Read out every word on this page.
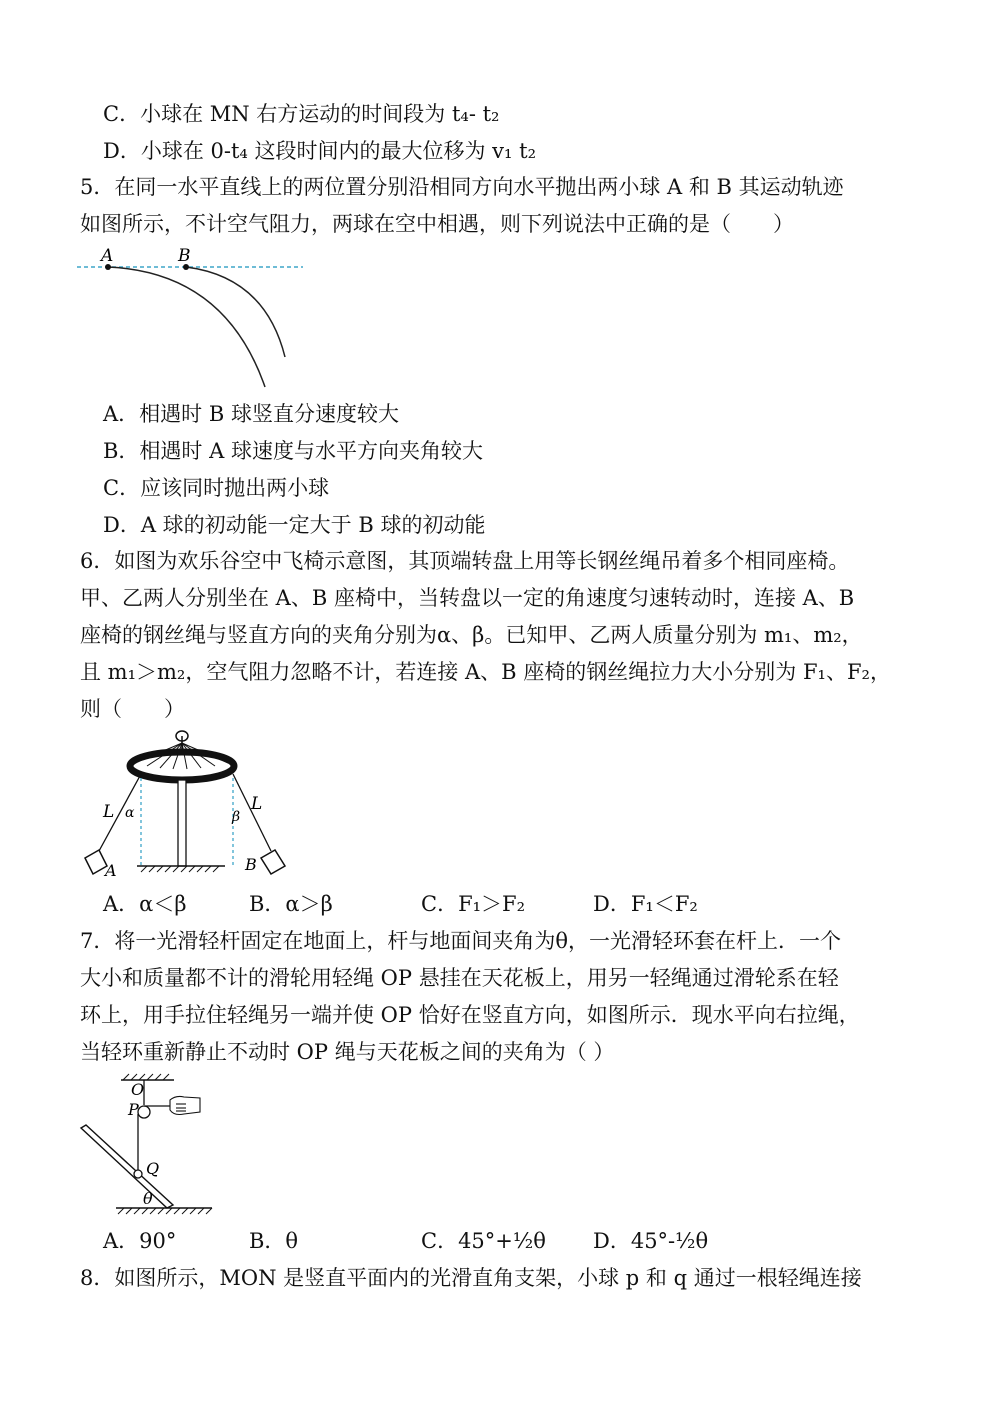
C．小球在 MN 右方运动的时间段为 t₄- t₂
D．小球在 0-t₄ 这段时间内的最大位移为 v₁ t₂
5．在同一水平直线上的两位置分别沿相同方向水平抛出两小球 A 和 B 其运动轨迹
如图所示，不计空气阻力，两球在空中相遇，则下列说法中正确的是（　　）
A	B
A．相遇时 B 球竖直分速度较大
B．相遇时 A 球速度与水平方向夹角较大
C．应该同时抛出两小球
D．A 球的初动能一定大于 B 球的初动能
6．如图为欢乐谷空中飞椅示意图，其顶端转盘上用等长钢丝绳吊着多个相同座椅。
甲、乙两人分别坐在 A、B 座椅中，当转盘以一定的角速度匀速转动时，连接 A、B
座椅的钢丝绳与竖直方向的夹角分别为α、β。已知甲、乙两人质量分别为 m₁、m₂，
且 m₁＞m₂，空气阻力忽略不计，若连接 A、B 座椅的钢丝绳拉力大小分别为 F₁、F₂，
则（　　）
L α
A
L
β
B
A．α＜β	B．α＞β	C．F₁＞F₂	D．F₁＜F₂
7．将一光滑轻杆固定在地面上，杆与地面间夹角为θ，一光滑轻环套在杆上．一个
大小和质量都不计的滑轮用轻绳 OP 悬挂在天花板上，用另一轻绳通过滑轮系在轻
环上，用手拉住轻绳另一端并使 OP 恰好在竖直方向，如图所示．现水平向右拉绳，
当轻环重新静止不动时 OP 绳与天花板之间的夹角为（ ）
O
P
Q
θ
A．90°	B．θ	C．45°+½θ D．45°-½θ
8．如图所示，MON 是竖直平面内的光滑直角支架，小球 p 和 q 通过一根轻绳连接
